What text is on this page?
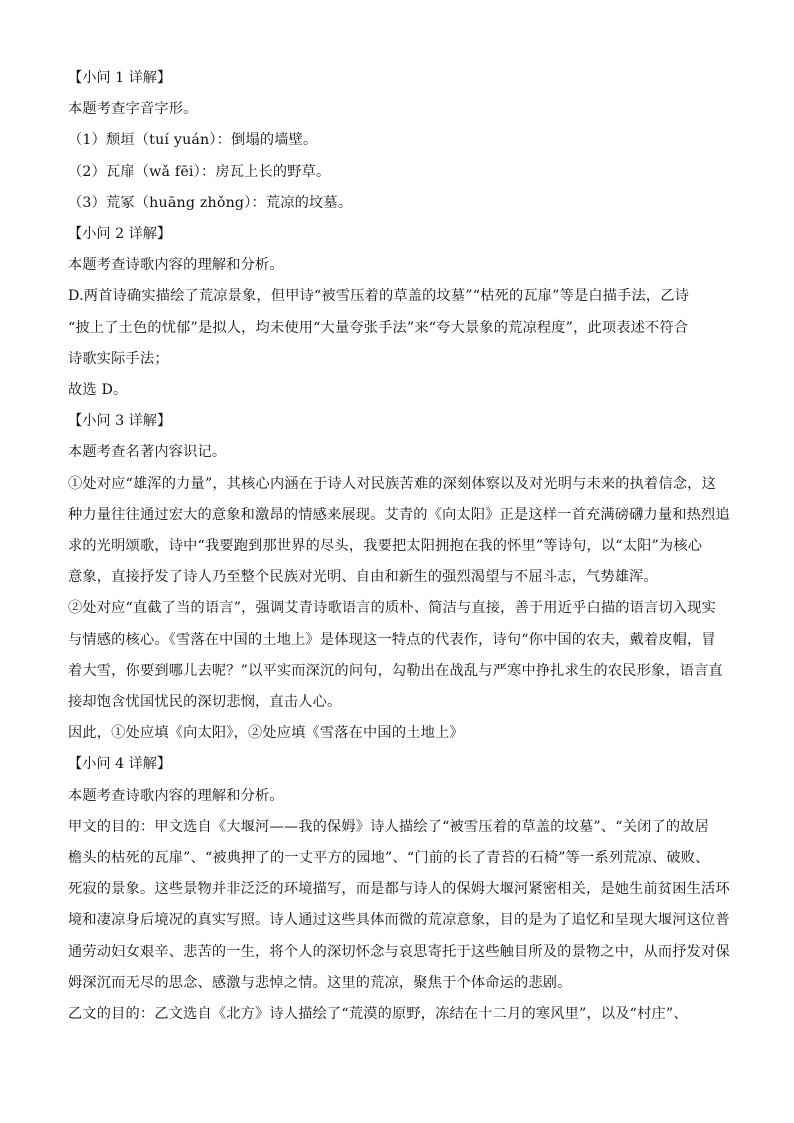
【小问 1 详解】
本题考查字音字形。
（1）颓垣（tuí yuán）：倒塌的墙壁。
（2）瓦扉（wǎ fēi）：房瓦上长的野草。
（3）荒冢（huāng zhǒng）：荒凉的坟墓。
【小问 2 详解】
本题考查诗歌内容的理解和分析。
D.两首诗确实描绘了荒凉景象，但甲诗“被雪压着的草盖的坟墓”“枯死的瓦扉”等是白描手法，乙诗
“披上了土色的忧郁”是拟人，均未使用“大量夸张手法”来“夸大景象的荒凉程度”，此项表述不符合
诗歌实际手法；
故选 D。
【小问 3 详解】
本题考查名著内容识记。
①处对应“雄浑的力量”，其核心内涵在于诗人对民族苦难的深刻体察以及对光明与未来的执着信念，这
种力量往往通过宏大的意象和激昂的情感来展现。艾青的《向太阳》正是这样一首充满磅礴力量和热烈追
求的光明颂歌，诗中“我要跑到那世界的尽头，我要把太阳拥抱在我的怀里”等诗句，以“太阳”为核心
意象，直接抒发了诗人乃至整个民族对光明、自由和新生的强烈渴望与不屈斗志，气势雄浑。
②处对应“直截了当的语言”，强调艾青诗歌语言的质朴、简洁与直接，善于用近乎白描的语言切入现实
与情感的核心。《雪落在中国的土地上》是体现这一特点的代表作，诗句“你中国的农夫，戴着皮帽，冒
着大雪，你要到哪儿去呢？”以平实而深沉的问句，勾勒出在战乱与严寒中挣扎求生的农民形象，语言直
接却饱含忧国忧民的深切悲悯，直击人心。
因此，①处应填《向太阳》，②处应填《雪落在中国的土地上》
【小问 4 详解】
本题考查诗歌内容的理解和分析。
甲文的目的：甲文选自《大堰河——我的保姆》诗人描绘了“被雪压着的草盖的坟墓”、“关闭了的故居
檐头的枯死的瓦扉”、“被典押了的一丈平方的园地”、“门前的长了青苔的石椅”等一系列荒凉、破败、
死寂的景象。这些景物并非泛泛的环境描写，而是都与诗人的保姆大堰河紧密相关，是她生前贫困生活环
境和凄凉身后境况的真实写照。诗人通过这些具体而微的荒凉意象，目的是为了追忆和呈现大堰河这位普
通劳动妇女艰辛、悲苦的一生，将个人的深切怀念与哀思寄托于这些触目所及的景物之中，从而抒发对保
姆深沉而无尽的思念、感激与悲悼之情。这里的荒凉，聚焦于个体命运的悲剧。
乙文的目的：乙文选自《北方》诗人描绘了“荒漠的原野，冻结在十二月的寒风里”，以及“村庄”、
